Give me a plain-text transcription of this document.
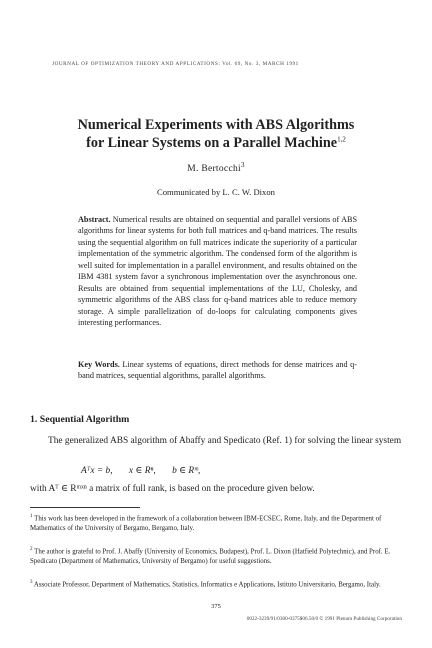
JOURNAL OF OPTIMIZATION THEORY AND APPLICATIONS: Vol. 69, No. 3, MARCH 1991
Numerical Experiments with ABS Algorithms
for Linear Systems on a Parallel Machine$^{1,2}$
M. Bertocchi$^3$
Communicated by L. C. W. Dixon
Abstract. Numerical results are obtained on sequential and parallel versions of ABS algorithms for linear systems for both full matrices and q-band matrices. The results using the sequential algorithm on full matrices indicate the superiority of a particular implementation of the symmetric algorithm. The condensed form of the algorithm is well suited for implementation in a parallel environment, and results obtained on the IBM 4381 system favor a synchronous implementation over the asynchronous one. Results are obtained from sequential implementations of the LU, Cholesky, and symmetric algorithms of the ABS class for q-band matrices able to reduce memory storage. A simple parallelization of do-loops for calculating components gives interesting performances.
Key Words. Linear systems of equations, direct methods for dense matrices and q-band matrices, sequential algorithms, parallel algorithms.
1. Sequential Algorithm
The generalized ABS algorithm of Abaffy and Spedicato (Ref. 1) for solving the linear system
Aᵀx = b, x ∈ Rⁿ, b ∈ Rᵐ,
with Aᵀ ∈ Rᵐˣⁿ a matrix of full rank, is based on the procedure given below.
$^1$ This work has been developed in the framework of a collaboration between IBM-ECSEC, Rome, Italy, and the Department of Mathematics of the University of Bergamo, Bergamo, Italy.
$^2$ The author is grateful to Prof. J. Abaffy (University of Economics, Budapest), Prof. L. Dixon (Hatfield Polytechnic), and Prof. E. Spedicato (Department of Mathematics, University of Bergamo) for useful suggestions.
$^3$ Associate Professor, Department of Mathematics, Statistics, Informatics e Applications, Istituto Universitario, Bergamo, Italy.
375
0022-3239/91/0300-0375$06.50/0 © 1991 Plenum Publishing Corporation
